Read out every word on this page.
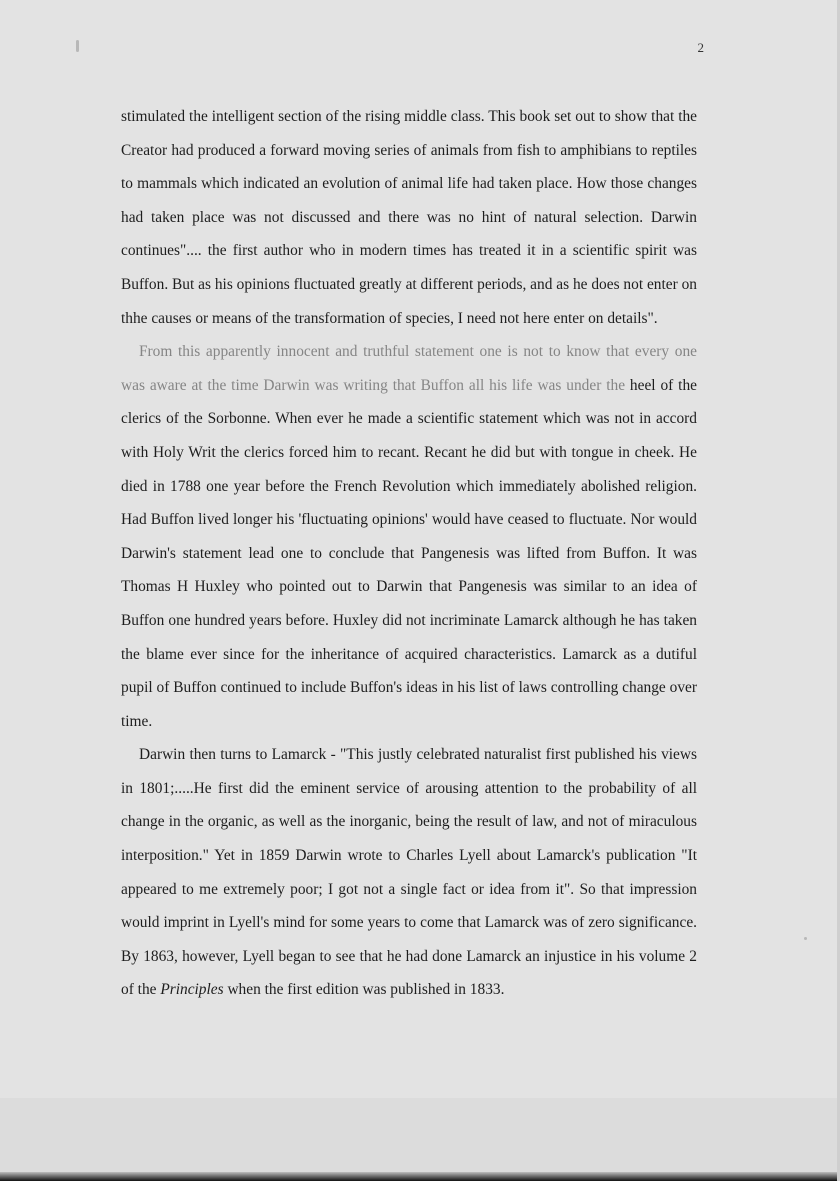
2

stimulated the intelligent section of the rising middle class. This book set out to show that the Creator had produced a forward moving series of animals from fish to amphibians to reptiles to mammals which indicated an evolution of animal life had taken place. How those changes had taken place was not discussed and there was no hint of natural selection. Darwin continues".... the first author who in modern times has treated it in a scientific spirit was Buffon. But as his opinions fluctuated greatly at different periods, and as he does not enter on thhe causes or means of the transformation of species, I need not here enter on details".

From this apparently innocent and truthful statement one is not to know that every one was aware at the time Darwin was writing that Buffon all his life was under the heel of the clerics of the Sorbonne. When ever he made a scientific statement which was not in accord with Holy Writ the clerics forced him to recant. Recant he did but with tongue in cheek. He died in 1788 one year before the French Revolution which immediately abolished religion. Had Buffon lived longer his 'fluctuating opinions' would have ceased to fluctuate. Nor would Darwin's statement lead one to conclude that Pangenesis was lifted from Buffon. It was Thomas H Huxley who pointed out to Darwin that Pangenesis was similar to an idea of Buffon one hundred years before. Huxley did not incriminate Lamarck although he has taken the blame ever since for the inheritance of acquired characteristics. Lamarck as a dutiful pupil of Buffon continued to include Buffon's ideas in his list of laws controlling change over time.

Darwin then turns to Lamarck - "This justly celebrated naturalist first published his views in 1801;.....He first did the eminent service of arousing attention to the probability of all change in the organic, as well as the inorganic, being the result of law, and not of miraculous interposition." Yet in 1859 Darwin wrote to Charles Lyell about Lamarck's publication "It appeared to me extremely poor; I got not a single fact or idea from it". So that impression would imprint in Lyell's mind for some years to come that Lamarck was of zero significance. By 1863, however, Lyell began to see that he had done Lamarck an injustice in his volume 2 of the Principles when the first edition was published in 1833.
